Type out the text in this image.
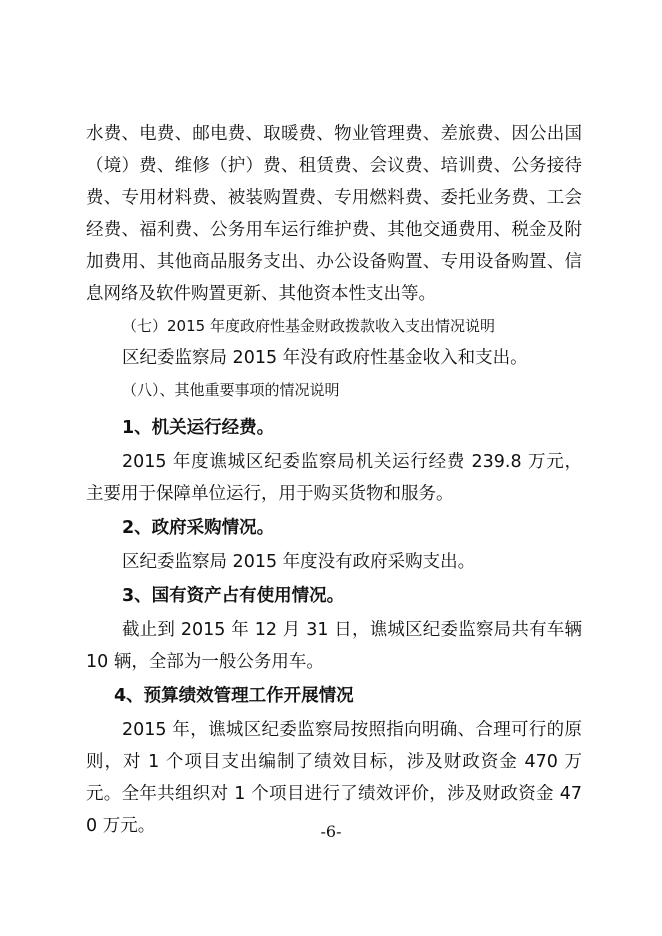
水费、电费、邮电费、取暖费、物业管理费、差旅费、因公出国（境）费、维修（护）费、租赁费、会议费、培训费、公务接待费、专用材料费、被装购置费、专用燃料费、委托业务费、工会经费、福利费、公务用车运行维护费、其他交通费用、税金及附加费用、其他商品服务支出、办公设备购置、专用设备购置、信息网络及软件购置更新、其他资本性支出等。

（七）2015 年度政府性基金财政拨款收入支出情况说明

区纪委监察局 2015 年没有政府性基金收入和支出。

（八）、其他重要事项的情况说明

1、机关运行经费。

2015 年度谯城区纪委监察局机关运行经费 239.8 万元，主要用于保障单位运行，用于购买货物和服务。

2、政府采购情况。

区纪委监察局 2015 年度没有政府采购支出。

3、国有资产占有使用情况。

截止到 2015 年 12 月 31 日，谯城区纪委监察局共有车辆 10 辆，全部为一般公务用车。

4、预算绩效管理工作开展情况

2015 年，谯城区纪委监察局按照指向明确、合理可行的原则，对 1 个项目支出编制了绩效目标，涉及财政资金 470 万元。全年共组织对 1 个项目进行了绩效评价，涉及财政资金 470 万元。	-6-
